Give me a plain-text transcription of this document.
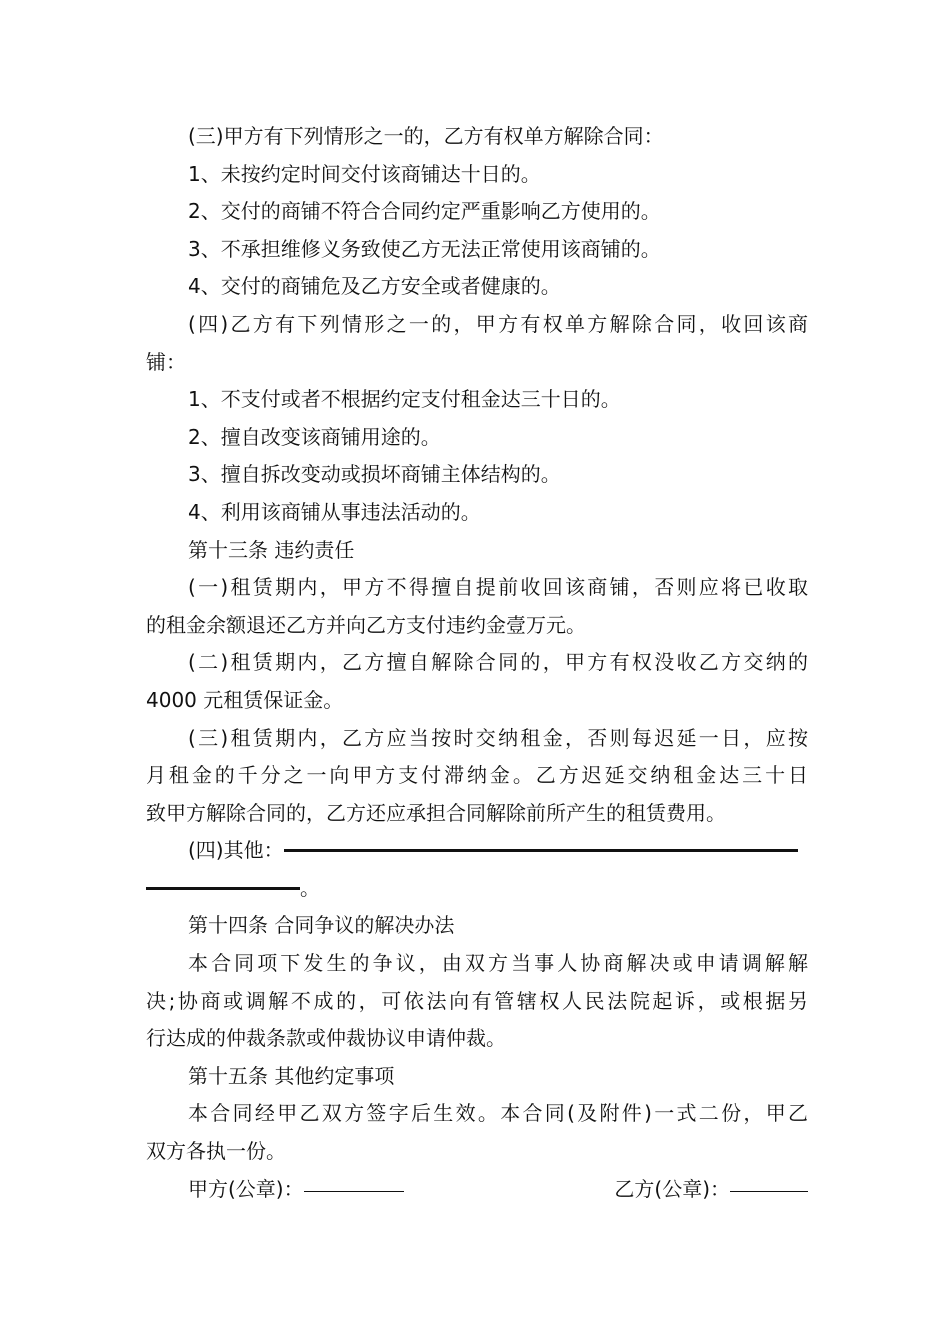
(三)甲方有下列情形之一的，乙方有权单方解除合同：
1、未按约定时间交付该商铺达十日的。
2、交付的商铺不符合合同约定严重影响乙方使用的。
3、不承担维修义务致使乙方无法正常使用该商铺的。
4、交付的商铺危及乙方安全或者健康的。
(四)乙方有下列情形之一的，甲方有权单方解除合同，收回该商
铺：
1、不支付或者不根据约定支付租金达三十日的。
2、擅自改变该商铺用途的。
3、擅自拆改变动或损坏商铺主体结构的。
4、利用该商铺从事违法活动的。
第十三条 违约责任
(一)租赁期内，甲方不得擅自提前收回该商铺，否则应将已收取
的租金余额退还乙方并向乙方支付违约金壹万元。
(二)租赁期内，乙方擅自解除合同的，甲方有权没收乙方交纳的
4000 元租赁保证金。
(三)租赁期内，乙方应当按时交纳租金，否则每迟延一日，应按
月租金的千分之一向甲方支付滞纳金。乙方迟延交纳租金达三十日
致甲方解除合同的，乙方还应承担合同解除前所产生的租赁费用。
(四)其他：
。
第十四条 合同争议的解决办法
本合同项下发生的争议，由双方当事人协商解决或申请调解解
决;协商或调解不成的，可依法向有管辖权人民法院起诉，或根据另
行达成的仲裁条款或仲裁协议申请仲裁。
第十五条 其他约定事项
本合同经甲乙双方签字后生效。本合同(及附件)一式二份，甲乙
双方各执一份。
甲方(公章)：	乙方(公章)：
